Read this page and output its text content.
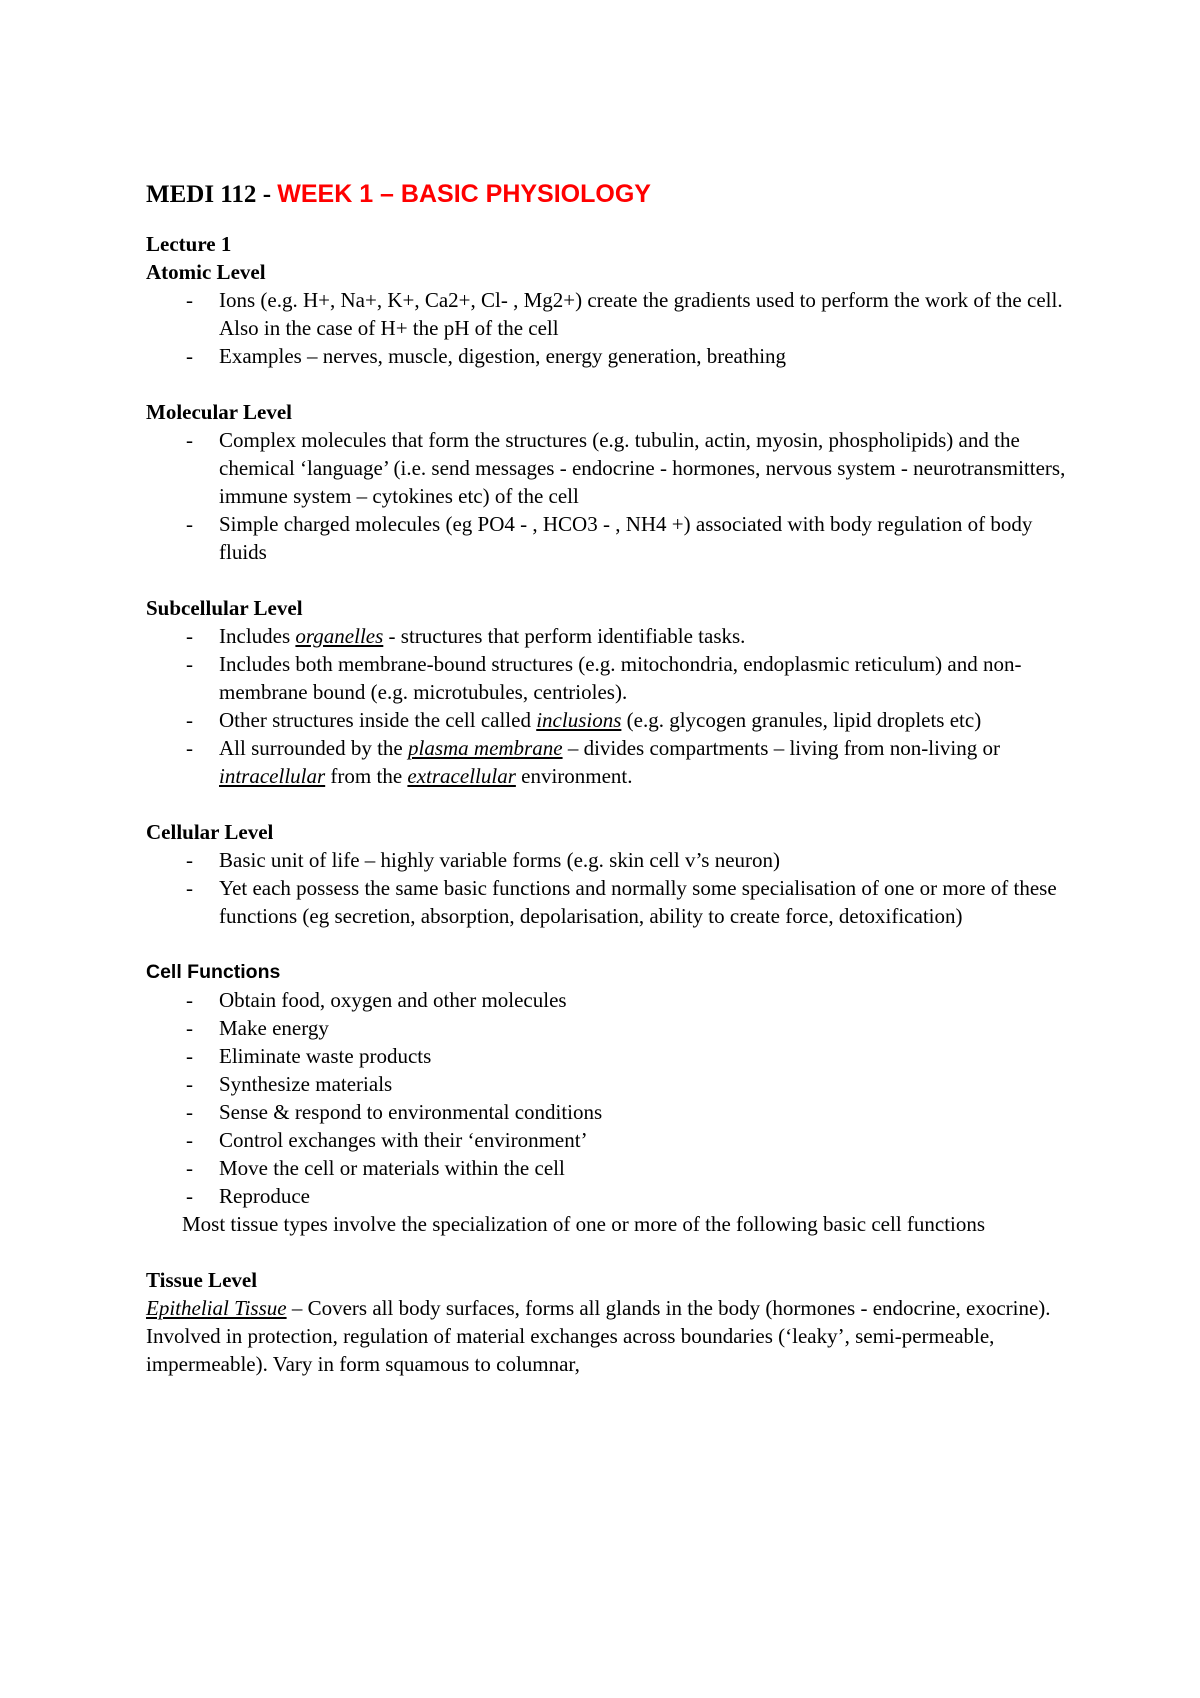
MEDI 112 - WEEK 1 – BASIC PHYSIOLOGY
Lecture 1
Atomic Level
- Ions (e.g. H+, Na+, K+, Ca2+, Cl- , Mg2+) create the gradients used to perform the work of the cell. Also in the case of H+ the pH of the cell
- Examples – nerves, muscle, digestion, energy generation, breathing
Molecular Level
- Complex molecules that form the structures (e.g. tubulin, actin, myosin, phospholipids) and the chemical ‘language’ (i.e. send messages - endocrine - hormones, nervous system - neurotransmitters, immune system – cytokines etc) of the cell
- Simple charged molecules (eg PO4 - , HCO3 - , NH4 +) associated with body regulation of body fluids
Subcellular Level
- Includes organelles - structures that perform identifiable tasks.
- Includes both membrane-bound structures (e.g. mitochondria, endoplasmic reticulum) and non-membrane bound (e.g. microtubules, centrioles).
- Other structures inside the cell called inclusions (e.g. glycogen granules, lipid droplets etc)
- All surrounded by the plasma membrane – divides compartments – living from non-living or intracellular from the extracellular environment.
Cellular Level
- Basic unit of life – highly variable forms (e.g. skin cell v’s neuron)
- Yet each possess the same basic functions and normally some specialisation of one or more of these functions (eg secretion, absorption, depolarisation, ability to create force, detoxification)
Cell Functions
- Obtain food, oxygen and other molecules
- Make energy
- Eliminate waste products
- Synthesize materials
- Sense & respond to environmental conditions
- Control exchanges with their ‘environment’
- Move the cell or materials within the cell
- Reproduce
Most tissue types involve the specialization of one or more of the following basic cell functions
Tissue Level
Epithelial Tissue – Covers all body surfaces, forms all glands in the body (hormones - endocrine, exocrine). Involved in protection, regulation of material exchanges across boundaries (‘leaky’, semi-permeable, impermeable). Vary in form squamous to columnar,
